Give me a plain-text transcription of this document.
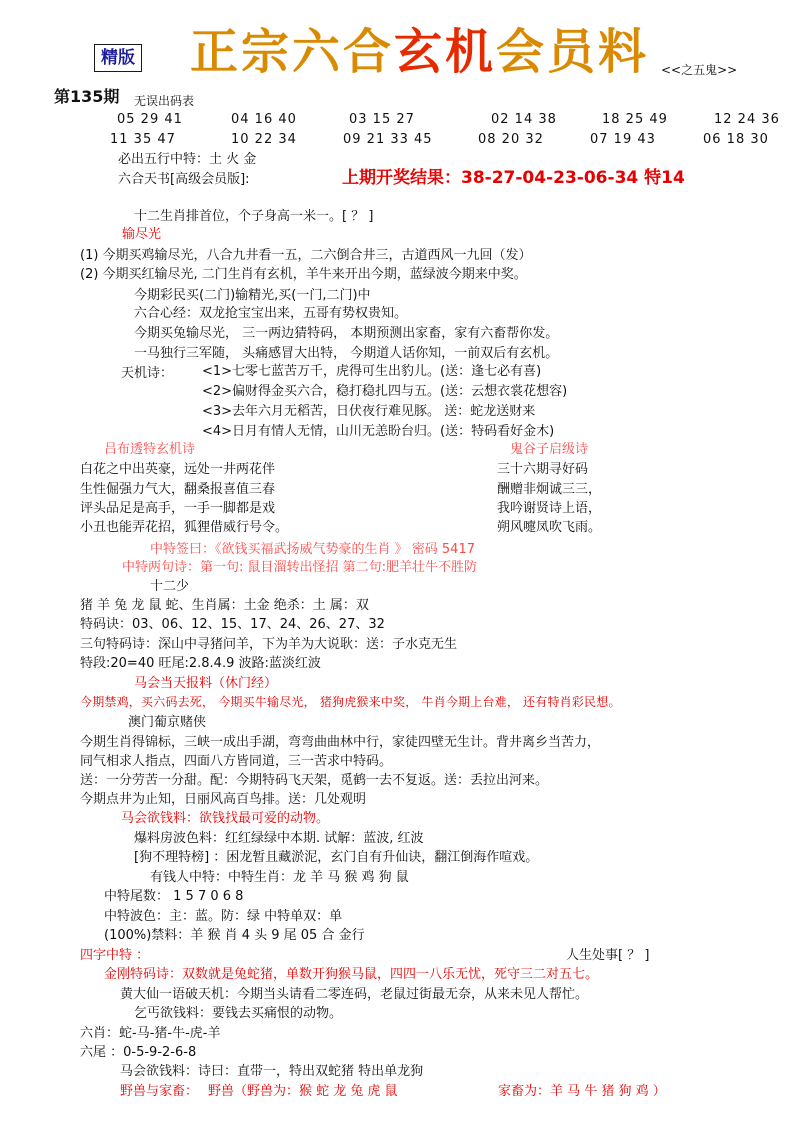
精版 正宗六合玄机会员料 <<之五鬼>>
第135期 无误出码表
05 29 41	04 16 40	03 15 27	02 14 38	18 25 49	12 24 36
11 35 47	10 22 34	09 21 33 45	08 20 32	07 19 43	06 18 30
必出五行中特：土 火 金
六合天书[高级会员版]:	上期开奖结果：38-27-04-23-06-34 特14
十二生肖排首位，个子身高一米一。[ ？ ]
输尽光
(1) 今期买鸡输尽光，八合九井看一五，二六倒合井三，古道西风一九回（发）
(2) 今期买红输尽光, 二门生肖有玄机，羊牛来开出今期，蓝绿波今期来中奖。
今期彩民买(二门)输精光,买(一门,二门)中
六合心经：双龙抢宝宝出来，五哥有势权贵知。
今期买兔输尽光， 三一两边猜特码， 本期预测出家畜，家有六畜帮你发。
一马独行三军随， 头痛感冒大出特， 今期道人话你知，一前双后有玄机。
天机诗： <1>七零七蓝苦万千，虎得可生出豹儿。(送：逢七必有喜)
<2>偏财得金买六合，稳打稳扎四与五。(送：云想衣裳花想容)
<3>去年六月无稻苦，日伏夜行难见豚。 送：蛇龙送财来
<4>日月有情人无情，山川无恙盼台归。(送：特码看好金木)
吕布透特玄机诗	鬼谷子启级诗
白花之中出英豪，远处一井两花伴
生性倔强力气大，翻桑报喜值三春
评头品足是高手，一手一脚都是戏
小丑也能弄花招，狐狸借威行号令。
三十六期寻好码
酬赠非炯诚三三，
我吟谢贤诗上语，
朔风嚏凤吹飞雨。
中特签曰：《欲钱买福武扬威气势豪的生肖 》 密码 5417
中特两句诗：第一句: 鼠目溜转出怪招 第二句:肥羊壮牛不胜防
十二少
猪 羊 兔 龙 鼠 蛇、生肖属：土金 绝杀：土 属：双
特码诀：03、06、12、15、17、24、26、27、32
三句特码诗：深山中寻猪问羊，下为羊为大说耿：送：子水克无生
特段:20=40 旺尾:2.8.4.9 波路:蓝淡红波
马会当天报料（休门经）
今期禁鸡，买六码去死， 今期买牛输尽光， 猪狗虎猴来中奖， 牛肖今期上台难， 还有特肖彩民想。
澳门葡京赌侠
今期生肖得锦标，三峡一成出手湖，弯弯曲曲林中行，家徒四壁无生计。背井离乡当苦力，
同气相求人指点，四面八方皆同道，三一苦求中特码。
送：一分劳苦一分甜。配：今期特码飞天架，觅鹤一去不复返。送：丢拉出河来。
今期点井为止知，日丽风高百鸟排。送：几处观明
马会欲钱料：欲钱找最可爱的动物。
爆料房波色料：红红绿绿中本期. 试解：蓝波, 红波
[狗不理特榜] ：困龙暂且藏淤泥，玄门自有升仙诀，翻江倒海作喧戏。
有钱人中特：中特生肖：龙 羊 马 猴 鸡 狗 鼠
中特尾数： 1 5 7 0 6 8
中特波色：主：蓝。防：绿 中特单双：单
(100%)禁料：羊 猴 肖 4 头 9 尾 05 合 金行
四字中特 ：	人生处事[ ？ ]
金刚特码诗：双数就是兔蛇猪，单数开狗猴马鼠，四四一八乐无忧，死守三二对五七。
黄大仙一语破天机：今期当头请看二零连码，老鼠过街最无奈，从来未见人帮忙。
乞丐欲钱料：要钱去买痛恨的动物。
六肖：蛇-马-猪-牛-虎-羊
六尾 ：0-5-9-2-6-8
马会欲钱料：诗曰：直带一，特出双蛇猪 特出单龙狗
野兽与家畜： 野兽（野兽为：猴 蛇 龙 兔 虎 鼠	家畜为：羊 马 牛 猪 狗 鸡 ）
